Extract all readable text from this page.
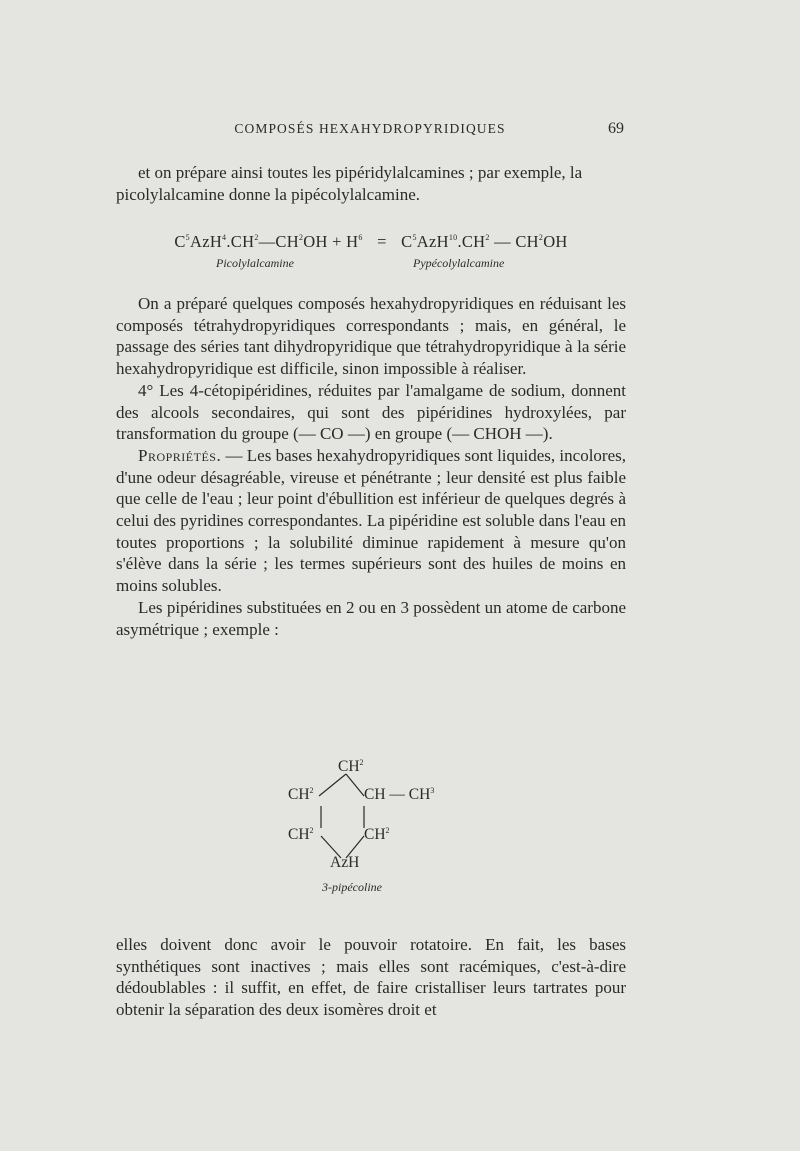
COMPOSÉS HEXAHYDROPYRIDIQUES	69

et on prépare ainsi toutes les pipéridylalcamines ; par exemple, la

picolylalcamine donne la pipécolylalcamine.

$C^5AzH^4.CH^2—CH^2OH + H^6 = C^5AzH^{10}.CH^2$ — $CH^2OH$
Picolylalcamine	Pypécolylalcamine

On a préparé quelques composés hexahydropyridiques en réduisant les composés tétrahydropyridiques correspondants ; mais, en général, le passage des séries tant dihydropyridique que tétrahydropyridique à la série hexahydropyridique est difficile, sinon impossible à réaliser.

4° Les 4-cétopipéridines, réduites par l'amalgame de sodium, donnent des alcools secondaires, qui sont des pipéridines hydroxylées, par transformation du groupe (— CO —) en groupe (— CHOH —).

Propriétés. — Les bases hexahydropyridiques sont liquides, incolores, d'une odeur désagréable, vireuse et pénétrante ; leur densité est plus faible que celle de l'eau ; leur point d'ébullition est inférieur de quelques degrés à celui des pyridines correspondantes. La pipéridine est soluble dans l'eau en toutes proportions ; la solubilité diminue rapidement à mesure qu'on s'élève dans la série ; les termes supérieurs sont des huiles de moins en moins solubles.

Les pipéridines substituées en 2 ou en 3 possèdent un atome de carbone asymétrique ; exemple :

$CH^2$
$CH^2$	CH — $CH^3$
$CH^2$	$CH^2$
AzH
3-pipécoline

elles doivent donc avoir le pouvoir rotatoire. En fait, les bases synthétiques sont inactives ; mais elles sont racémiques, c'est-à-dire dédoublables : il suffit, en effet, de faire cristalliser leurs tartrates pour obtenir la séparation des deux isomères droit et
